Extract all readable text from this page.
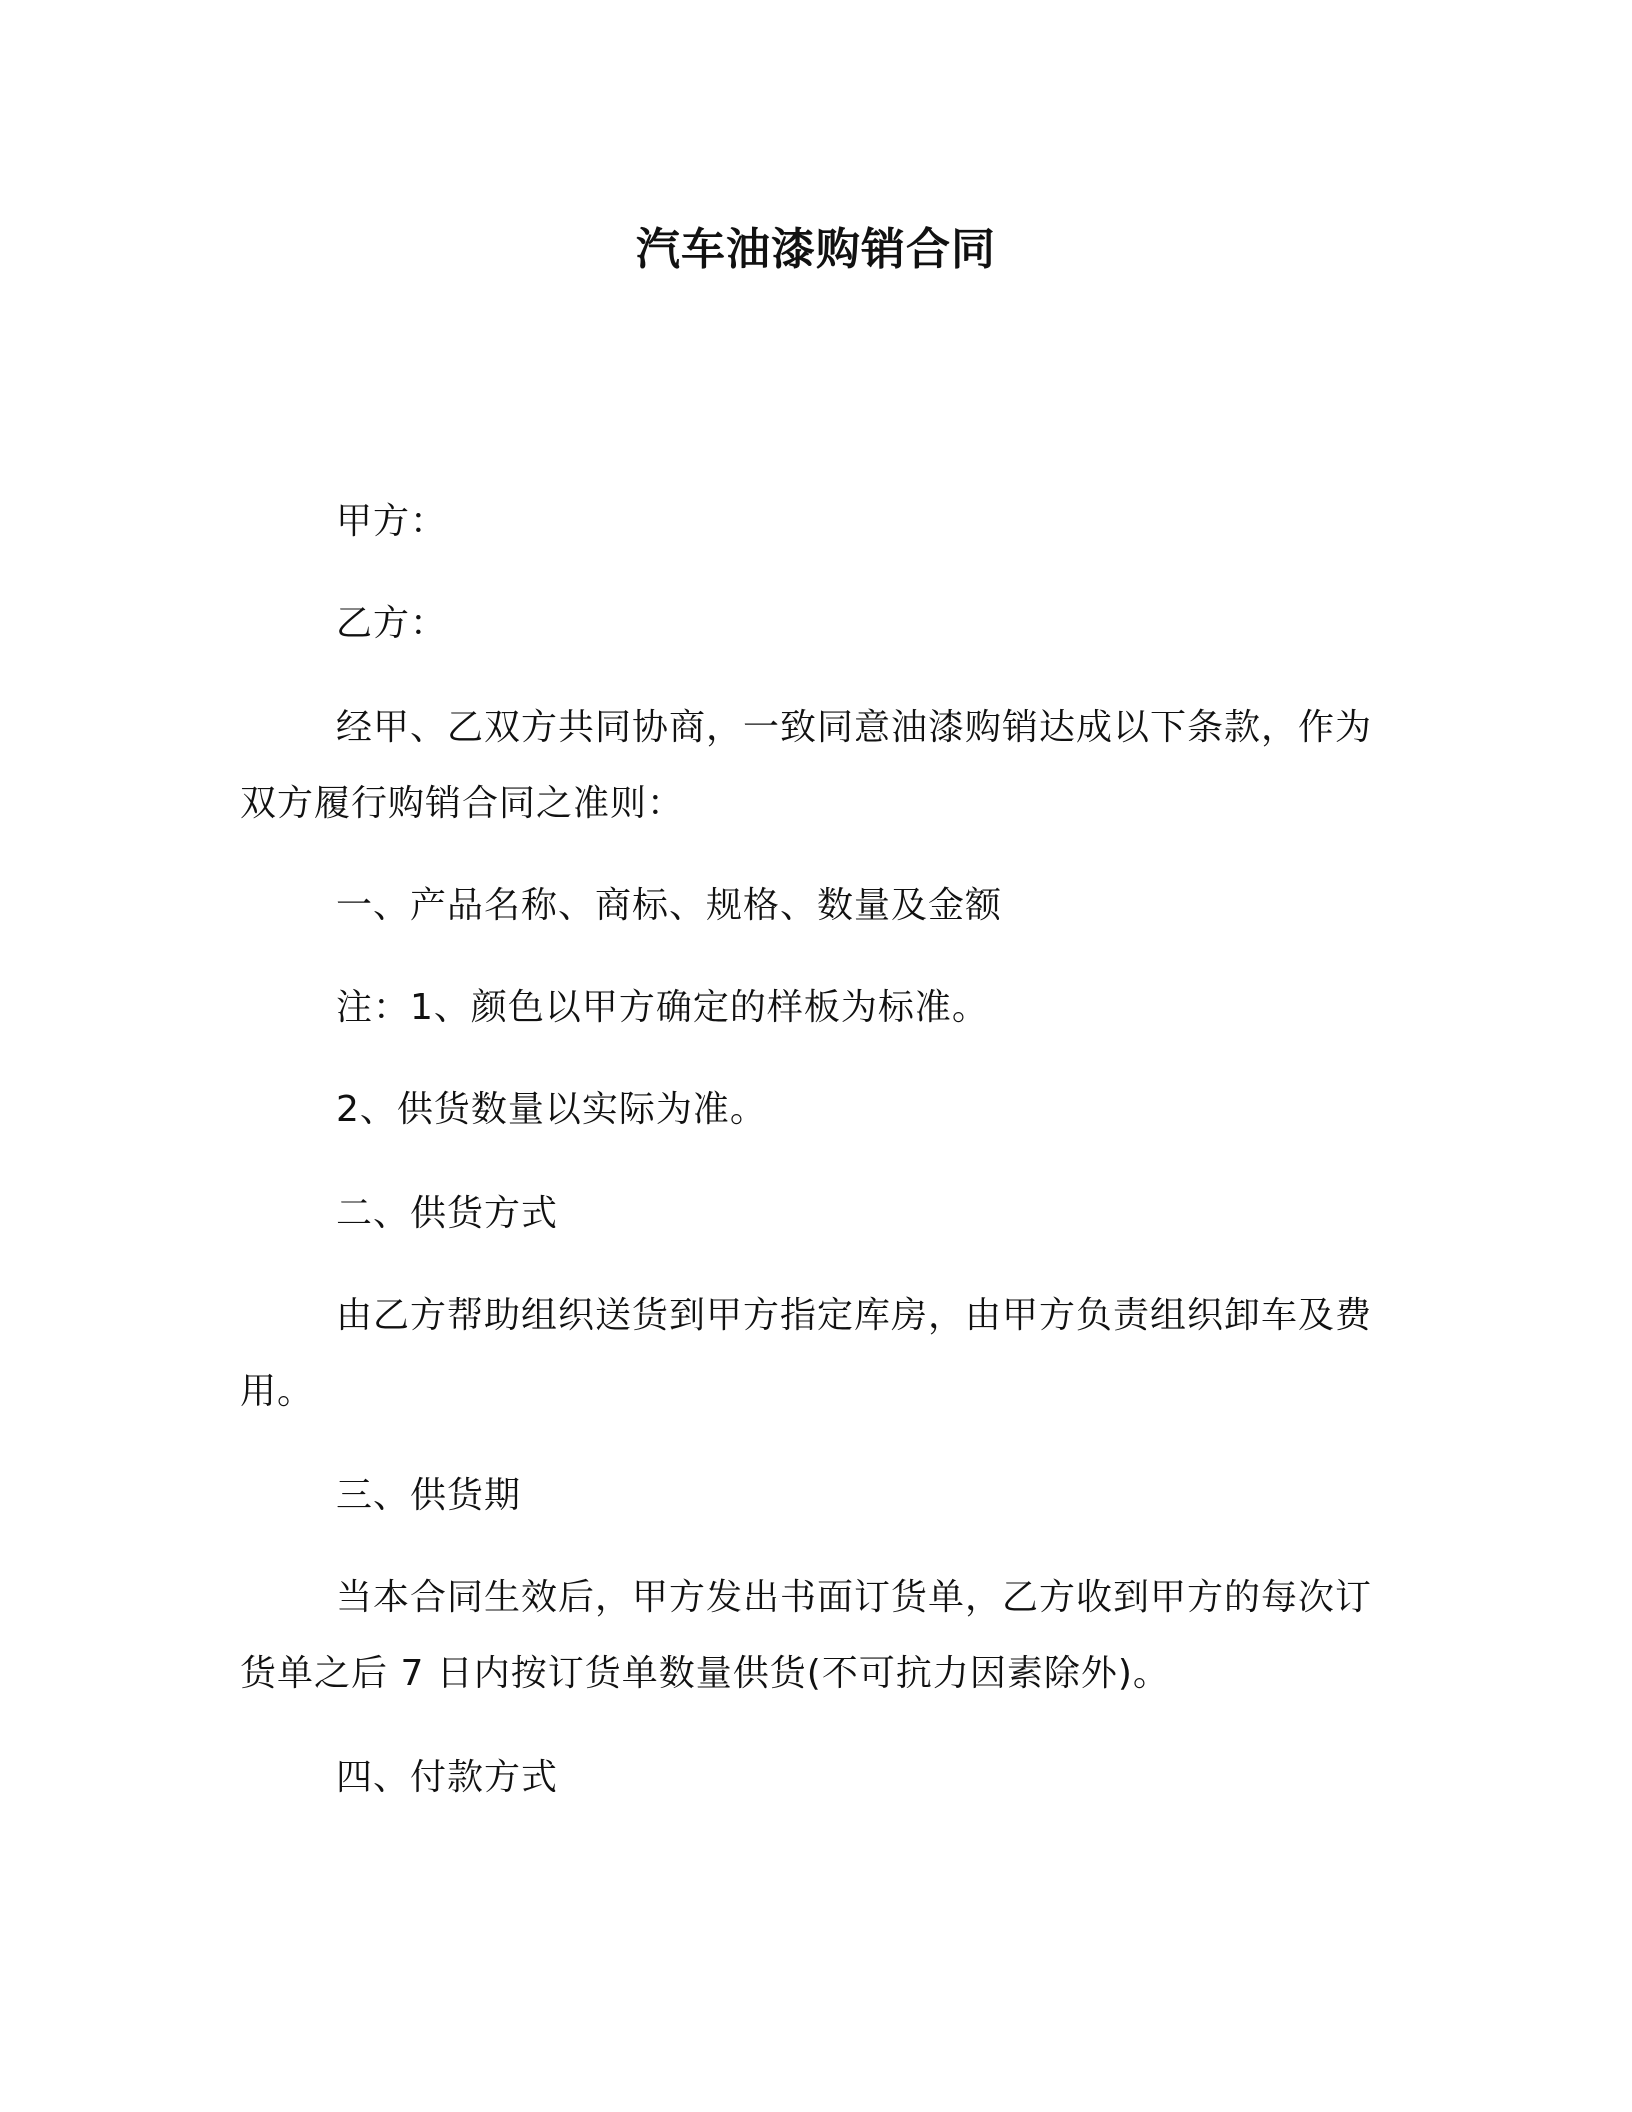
汽车油漆购销合同
甲方：
乙方：
经甲、乙双方共同协商，一致同意油漆购销达成以下条款，作为
双方履行购销合同之准则：
一、产品名称、商标、规格、数量及金额
注：1、颜色以甲方确定的样板为标准。
2、供货数量以实际为准。
二、供货方式
由乙方帮助组织送货到甲方指定库房，由甲方负责组织卸车及费
用。
三、供货期
当本合同生效后，甲方发出书面订货单，乙方收到甲方的每次订
货单之后 7 日内按订货单数量供货(不可抗力因素除外)。
四、付款方式
